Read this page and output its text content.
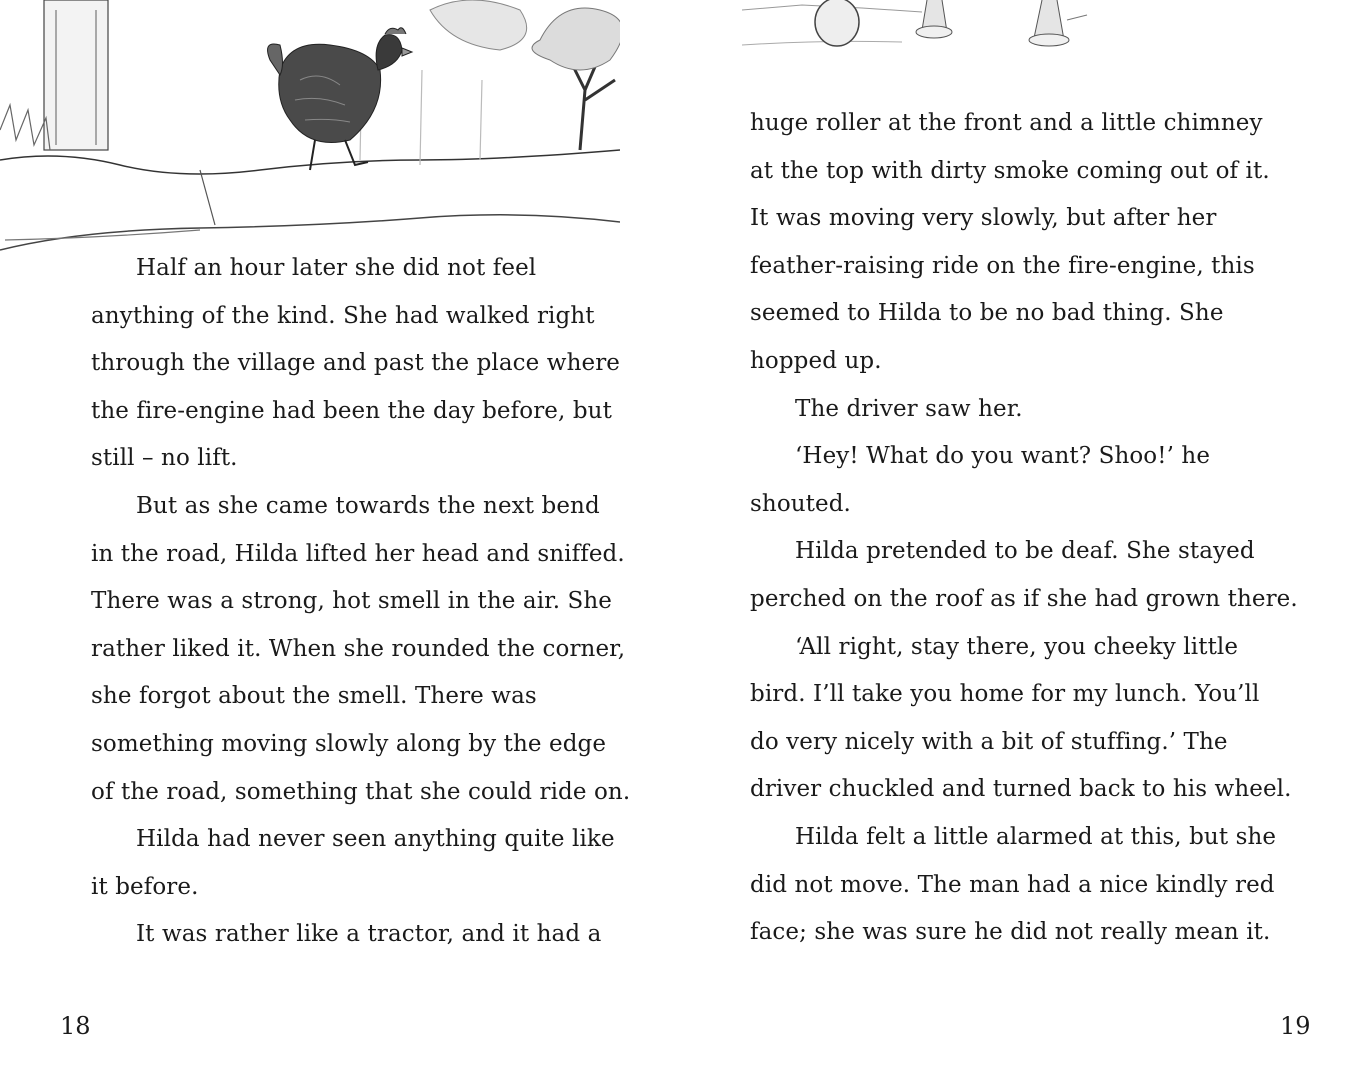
Half an hour later she did not feel
anything of the kind. She had walked right
through the village and past the place where
the fire-engine had been the day before, but
still – no lift.
But as she came towards the next bend
in the road, Hilda lifted her head and sniffed.
There was a strong, hot smell in the air. She
rather liked it. When she rounded the corner,
she forgot about the smell. There was
something moving slowly along by the edge
of the road, something that she could ride on.
Hilda had never seen anything quite like
it before.
It was rather like a tractor, and it had a
18
huge roller at the front and a little chimney
at the top with dirty smoke coming out of it.
It was moving very slowly, but after her
feather-raising ride on the fire-engine, this
seemed to Hilda to be no bad thing. She
hopped up.
The driver saw her.
‘Hey! What do you want? Shoo!’ he
shouted.
Hilda pretended to be deaf. She stayed
perched on the roof as if she had grown there.
‘All right, stay there, you cheeky little
bird. I’ll take you home for my lunch. You’ll
do very nicely with a bit of stuffing.’ The
driver chuckled and turned back to his wheel.
Hilda felt a little alarmed at this, but she
did not move. The man had a nice kindly red
face; she was sure he did not really mean it.
19
